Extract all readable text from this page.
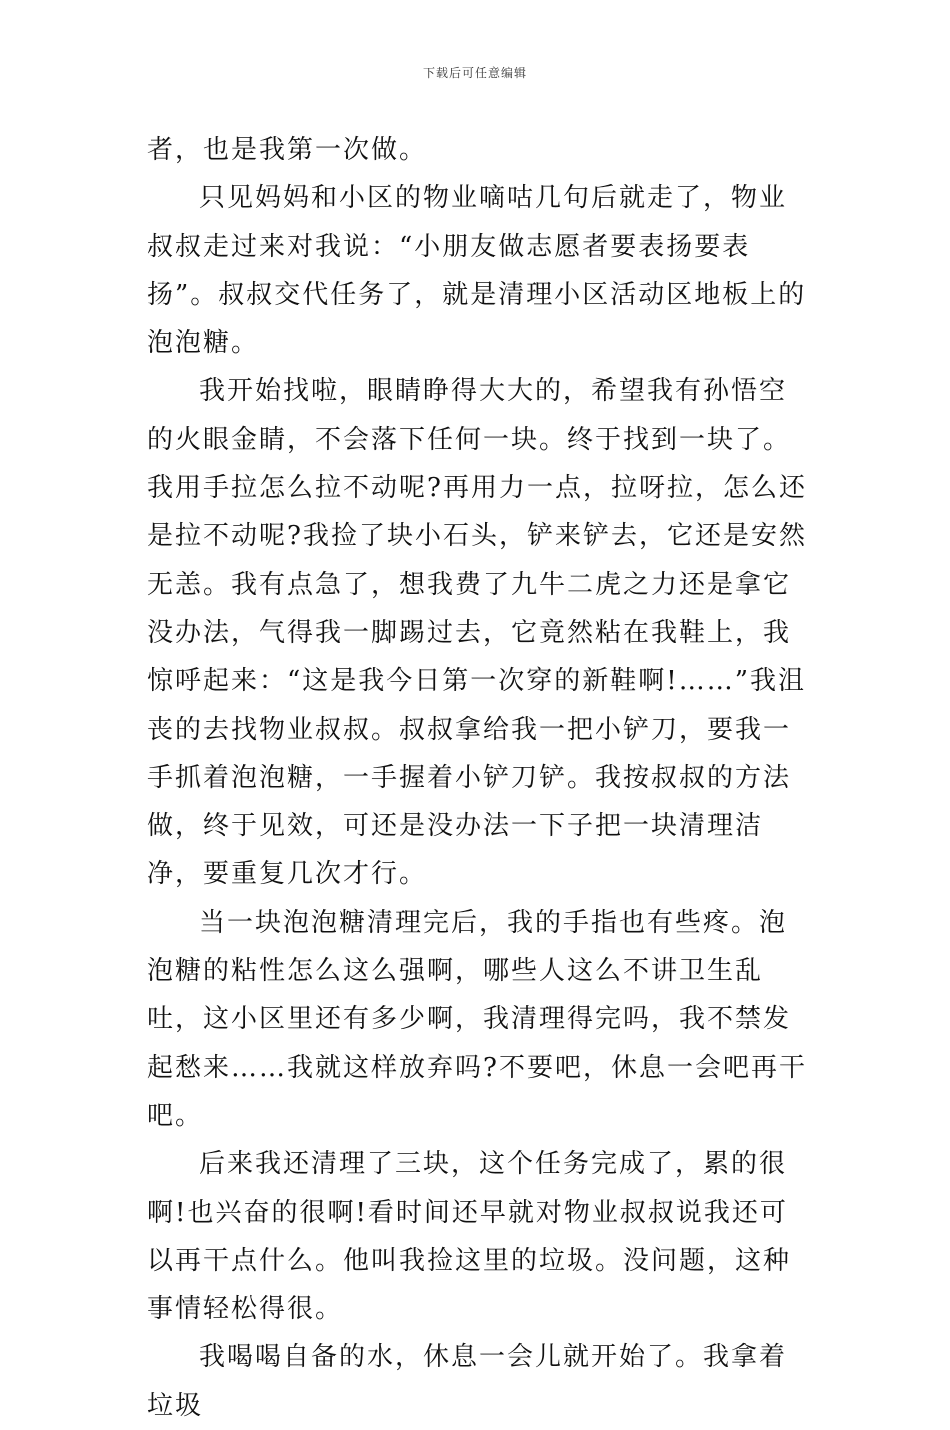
下载后可任意编辑

者，也是我第一次做。

只见妈妈和小区的物业嘀咕几句后就走了，物业叔叔走过来对我说：“小朋友做志愿者要表扬要表扬”。叔叔交代任务了，就是清理小区活动区地板上的泡泡糖。

我开始找啦，眼睛睁得大大的，希望我有孙悟空的火眼金睛，不会落下任何一块。终于找到一块了。我用手拉怎么拉不动呢?再用力一点，拉呀拉，怎么还是拉不动呢?我捡了块小石头，铲来铲去，它还是安然无恙。我有点急了，想我费了九牛二虎之力还是拿它没办法，气得我一脚踢过去，它竟然粘在我鞋上，我惊呼起来：“这是我今日第一次穿的新鞋啊!……”我沮丧的去找物业叔叔。叔叔拿给我一把小铲刀，要我一手抓着泡泡糖，一手握着小铲刀铲。我按叔叔的方法做，终于见效，可还是没办法一下子把一块清理洁净，要重复几次才行。

当一块泡泡糖清理完后，我的手指也有些疼。泡泡糖的粘性怎么这么强啊，哪些人这么不讲卫生乱吐，这小区里还有多少啊，我清理得完吗，我不禁发起愁来……我就这样放弃吗?不要吧，休息一会吧再干吧。

后来我还清理了三块，这个任务完成了，累的很啊!也兴奋的很啊!看时间还早就对物业叔叔说我还可以再干点什么。他叫我捡这里的垃圾。没问题，这种事情轻松得很。

我喝喝自备的水，休息一会儿就开始了。我拿着垃圾
